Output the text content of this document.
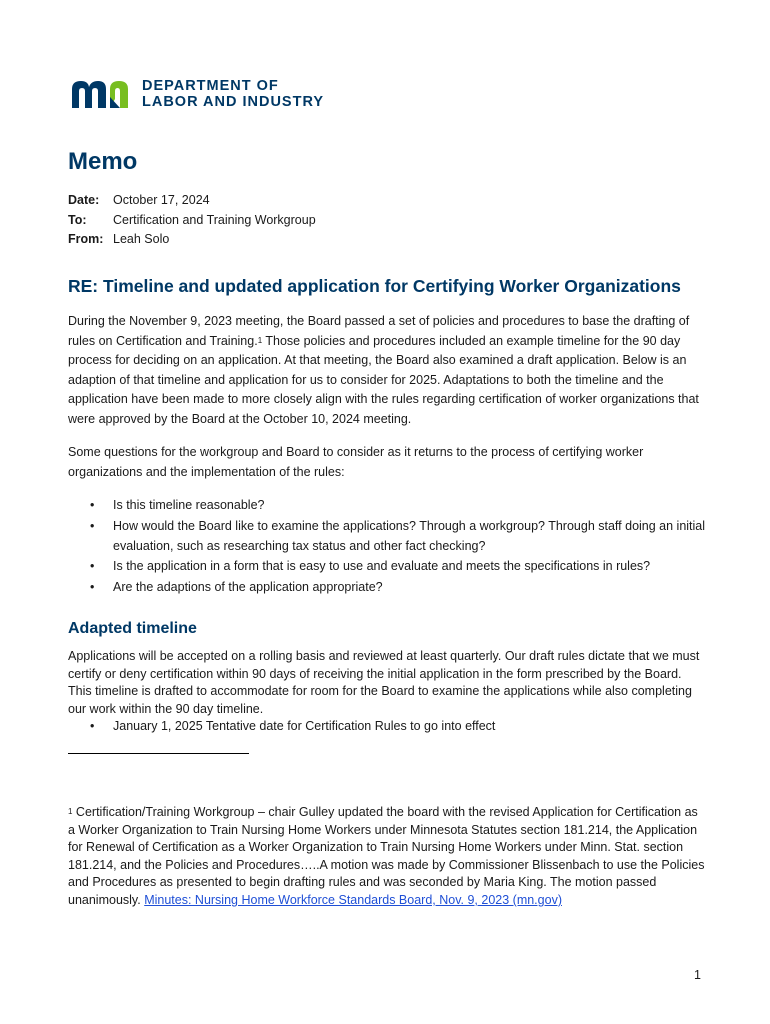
DEPARTMENT OF
LABOR AND INDUSTRY
Memo
Date:	October 17, 2024
To:	Certification and Training Workgroup
From: Leah Solo
RE: Timeline and updated application for Certifying Worker Organizations

During the November 9, 2023 meeting, the Board passed a set of policies and procedures to base the drafting of rules on Certification and Training.$^1$ Those policies and procedures included an example timeline for the 90 day process for deciding on an application. At that meeting, the Board also examined a draft application. Below is an adaption of that timeline and application for us to consider for 2025. Adaptations to both the timeline and the application have been made to more closely align with the rules regarding certification of worker organizations that were approved by the Board at the October 10, 2024 meeting.

Some questions for the workgroup and Board to consider as it returns to the process of certifying worker organizations and the implementation of the rules:

• Is this timeline reasonable?
• How would the Board like to examine the applications? Through a workgroup? Through staff doing an initial evaluation, such as researching tax status and other fact checking?
• Is the application in a form that is easy to use and evaluate and meets the specifications in rules?
• Are the adaptions of the application appropriate?
Adapted timeline

Applications will be accepted on a rolling basis and reviewed at least quarterly. Our draft rules dictate that we must certify or deny certification within 90 days of receiving the initial application in the form prescribed by the Board. This timeline is drafted to accommodate for room for the Board to examine the applications while also completing our work within the 90 day timeline.

• January 1, 2025 Tentative date for Certification Rules to go into effect

$^1$ Certification/Training Workgroup – chair Gulley updated the board with the revised Application for Certification as a Worker Organization to Train Nursing Home Workers under Minnesota Statutes section 181.214, the Application for Renewal of Certification as a Worker Organization to Train Nursing Home Workers under Minn. Stat. section 181.214, and the Policies and Procedures…..A motion was made by Commissioner Blissenbach to use the Policies and Procedures as presented to begin drafting rules and was seconded by Maria King. The motion passed unanimously. Minutes: Nursing Home Workforce Standards Board, Nov. 9, 2023 (mn.gov)

1
